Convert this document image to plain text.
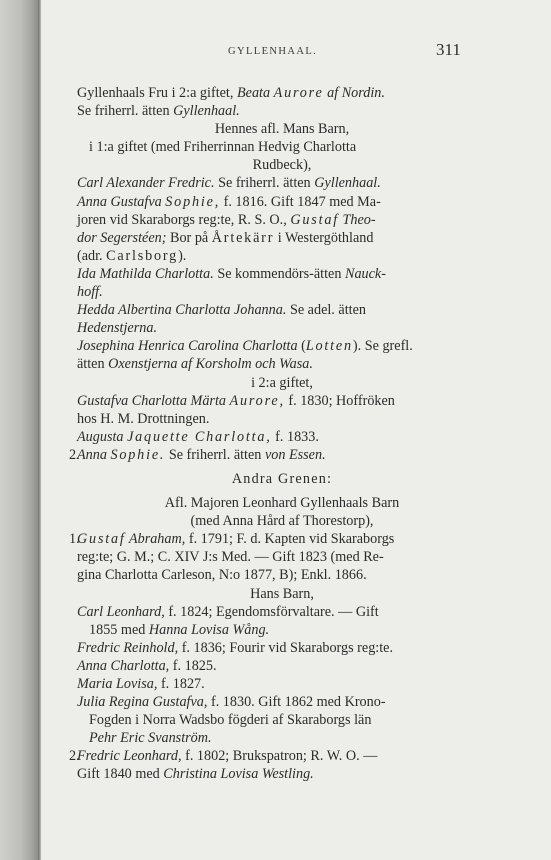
GYLLENHAAL.	311
Gyllenhaals Fru i 2:a giftet, Beata Aurore af Nordin.
Se friherrl. ätten Gyllenhaal.
Hennes afl. Mans Barn,
i 1:a giftet (med Friherrinnan Hedvig Charlotta
Rudbeck),
Carl Alexander Fredric. Se friherrl. ätten Gyllenhaal.
Anna Gustafva Sophie, f. 1816. Gift 1847 med Ma-
joren vid Skaraborgs reg:te, R. S. O., Gustaf Theo-
dor Segerstéen; Bor på Årtekärr i Westergöthland
(adr. Carlsborg).
Ida Mathilda Charlotta. Se kommendörs-ätten Nauck-
hoff.
Hedda Albertina Charlotta Johanna. Se adel. ätten
Hedenstjerna.
Josephina Henrica Carolina Charlotta (Lotten). Se grefl.
ätten Oxenstjerna af Korsholm och Wasa.
i 2:a giftet,
Gustafva Charlotta Märta Aurore, f. 1830; Hoffröken
hos H. M. Drottningen.
Augusta Jaquette Charlotta, f. 1833.
2.
Anna Sophie. Se friherrl. ätten von Essen.
Andra Grenen:
Afl. Majoren Leonhard Gyllenhaals Barn
(med Anna Hård af Thorestorp),
1.
Gustaf Abraham, f. 1791; F. d. Kapten vid Skaraborgs
reg:te; G. M.; C. XIV J:s Med. — Gift 1823 (med Re-
gina Charlotta Carleson, N:o 1877, B); Enkl. 1866.
Hans Barn,
Carl Leonhard, f. 1824; Egendomsförvaltare. — Gift
1855 med Hanna Lovisa Wång.
Fredric Reinhold, f. 1836; Fourir vid Skaraborgs reg:te.
Anna Charlotta, f. 1825.
Maria Lovisa, f. 1827.
Julia Regina Gustafva, f. 1830. Gift 1862 med Krono-
Fogden i Norra Wadsbo fögderi af Skaraborgs län
Pehr Eric Svanström.
2.
Fredric Leonhard, f. 1802; Brukspatron; R. W. O. —
Gift 1840 med Christina Lovisa Westling.
